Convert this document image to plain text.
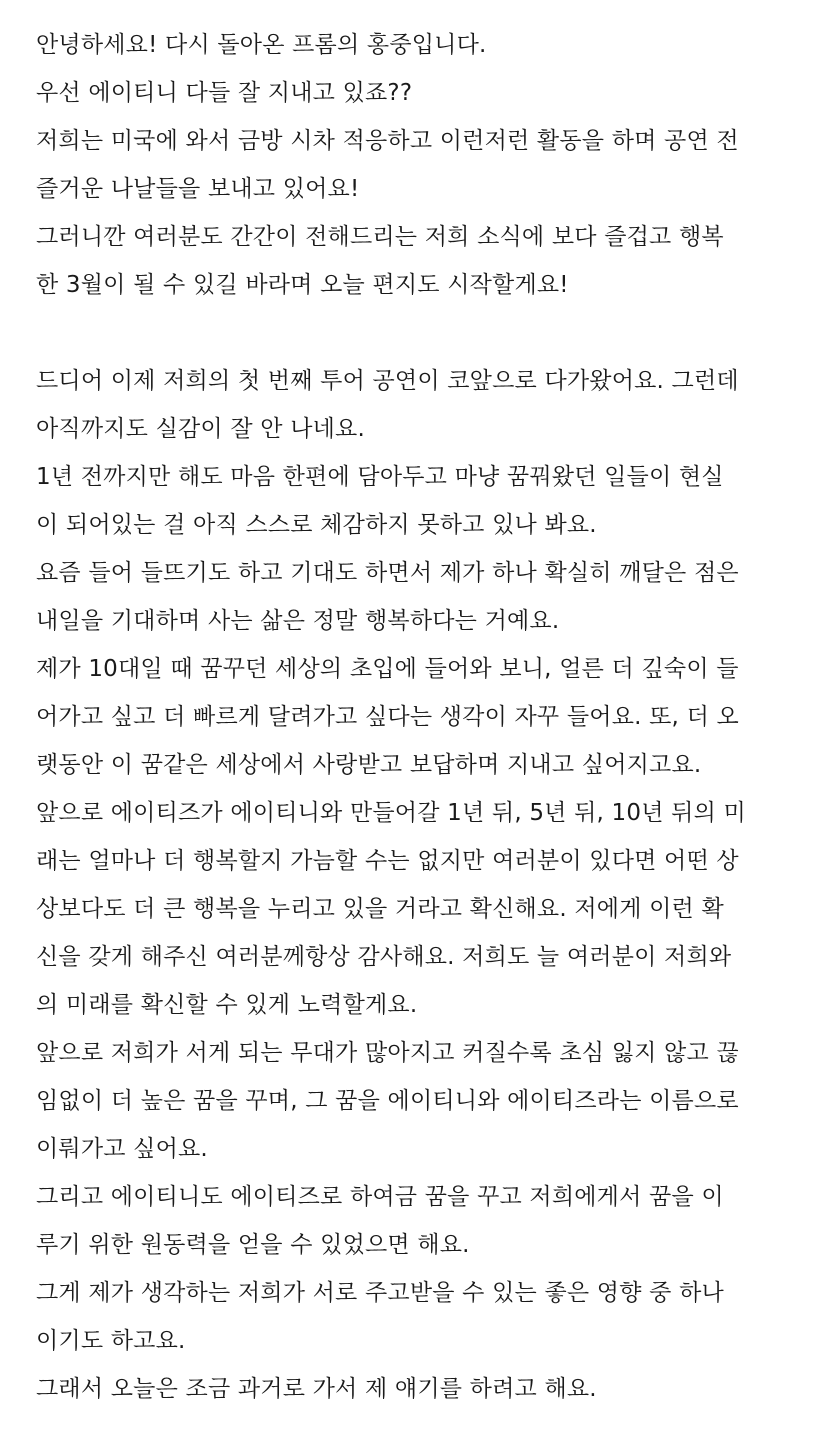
안녕하세요! 다시 돌아온 프롬의 홍중입니다.
우선 에이티니 다들 잘 지내고 있죠??
저희는 미국에 와서 금방 시차 적응하고 이런저런 활동을 하며 공연 전
즐거운 나날들을 보내고 있어요!
그러니깐 여러분도 간간이 전해드리는 저희 소식에 보다 즐겁고 행복
한 3월이 될 수 있길 바라며 오늘 편지도 시작할게요!
드디어 이제 저희의 첫 번째 투어 공연이 코앞으로 다가왔어요. 그런데
아직까지도 실감이 잘 안 나네요.
1년 전까지만 해도 마음 한편에 담아두고 마냥 꿈꿔왔던 일들이 현실
이 되어있는 걸 아직 스스로 체감하지 못하고 있나 봐요.
요즘 들어 들뜨기도 하고 기대도 하면서 제가 하나 확실히 깨달은 점은
내일을 기대하며 사는 삶은 정말 행복하다는 거예요.
제가 10대일 때 꿈꾸던 세상의 초입에 들어와 보니, 얼른 더 깊숙이 들
어가고 싶고 더 빠르게 달려가고 싶다는 생각이 자꾸 들어요. 또, 더 오
랫동안 이 꿈같은 세상에서 사랑받고 보답하며 지내고 싶어지고요.
앞으로 에이티즈가 에이티니와 만들어갈 1년 뒤, 5년 뒤, 10년 뒤의 미
래는 얼마나 더 행복할지 가늠할 수는 없지만 여러분이 있다면 어떤 상
상보다도 더 큰 행복을 누리고 있을 거라고 확신해요. 저에게 이런 확
신을 갖게 해주신 여러분께항상 감사해요. 저희도 늘 여러분이 저희와
의 미래를 확신할 수 있게 노력할게요.
앞으로 저희가 서게 되는 무대가 많아지고 커질수록 초심 잃지 않고 끊
임없이 더 높은 꿈을 꾸며, 그 꿈을 에이티니와 에이티즈라는 이름으로
이뤄가고 싶어요.
그리고 에이티니도 에이티즈로 하여금 꿈을 꾸고 저희에게서 꿈을 이
루기 위한 원동력을 얻을 수 있었으면 해요.
그게 제가 생각하는 저희가 서로 주고받을 수 있는 좋은 영향 중 하나
이기도 하고요.
그래서 오늘은 조금 과거로 가서 제 얘기를 하려고 해요.
